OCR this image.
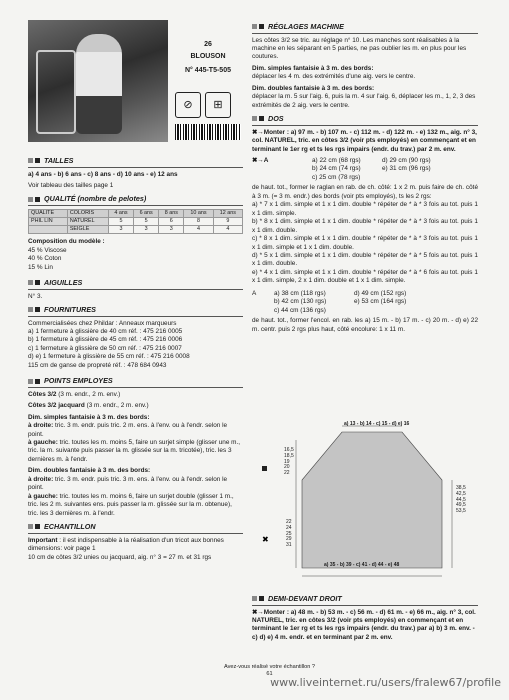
26
BLOUSON
N° 445-T5-505
⊘	⊞
TAILLES

a) 4 ans - b) 6 ans - c) 8 ans - d) 10 ans - e) 12 ans

Voir tableau des tailles page 1

QUALITÉ (nombre de pelotes)
QUALITE	COLORIS	4 ans	6 ans	8 ans	10 ans	12 ans
PHIL LIN	NATUREL	5	5	6	8	9
	SEIGLE	3	3	3	4	4

Composition du modèle :

45 % Viscose
40 % Coton
15 % Lin
AIGUILLES

N° 3.

FOURNITURES
Commercialisées chez Phildar : Anneaux marqueurs
a) 1 fermeture à glissière de 40 cm réf. : 475 216 0005
b) 1 fermeture à glissière de 45 cm réf. : 475 216 0006
c) 1 fermeture à glissière de 50 cm réf. : 475 216 0007
d) e) 1 fermeture à glissière de 55 cm réf. : 475 216 0008
115 cm de ganse de propreté réf. : 478 684 0943
POINTS EMPLOYES

Côtes 3/2 (3 m. endr., 2 m. env.)

Côtes 3/2 jacquard (3 m. endr., 2 m. env.)

Dim. simples fantaisie à 3 m. des bords:

à droite: tric. 3 m. endr. puis tric. 2 m. ens. à l'env. ou à l'endr. selon le point.

à gauche: tric. toutes les m. moins 5, faire un surjet simple (glisser une m., tric. la m. suivante puis passer la m. glissée sur la m. tricotée), tric. les 3 dernières m. à l'endr.

Dim. doubles fantaisie à 3 m. des bords:

à droite: tric. 3 m. endr. puis tric. 3 m. ens. à l'env. ou à l'endr. selon le point.

à gauche: tric. toutes les m. moins 6, faire un surjet double (glisser 1 m., tric. les 2 m. suivantes ens. puis passer la m. glissée sur la m. obtenue), tric. les 3 dernières m. à l'endr.

ECHANTILLON

Important : il est indispensable à la réalisation d'un tricot aux bonnes dimensions: voir page 1

10 cm de côtes 3/2 unies ou jacquard, aig. n° 3 = 27 m. et 31 rgs

RÉGLAGES MACHINE

Les côtes 3/2 se tric. au réglage n° 10. Les manches sont réalisables à la machine en les séparant en 5 parties, ne pas oublier les m. en plus pour les coutures.

Dim. simples fantaisie à 3 m. des bords:

déplacer les 4 m. des extrémités d'une aig. vers le centre.

Dim. doubles fantaisie à 3 m. des bords:

déplacer la m. 5 sur l'aig. 6, puis la m. 4 sur l'aig. 6, déplacer les m., 1, 2, 3 des extrémités de 2 aig. vers le centre.

DOS

✖→Monter : a) 97 m. - b) 107 m. - c) 112 m. - d) 122 m. - e) 132 m., aig. n° 3, col. NATUREL, tric. en côtes 3/2 (voir pts employés) en commençant et en terminant le 1er rg et ts les rgs impairs (endr. du trav.) par 2 m. env.

✖→A	a) 22 cm (68 rgs)	d) 29 cm (90 rgs)
b) 24 cm (74 rgs)	e) 31 cm (96 rgs)
c) 25 cm (78 rgs)
de haut. tot., former le raglan en rab. de ch. côté: 1 x 2 m. puis faire de ch. côté à 3 m. (= 3 m. endr.) des bords (voir pts employés), ts les 2 rgs:
a) * 7 x 1 dim. simple et 1 x 1 dim. double * répéter de * à * 3 fois au tot. puis 1 x 1 dim. simple.
b) * 8 x 1 dim. simple et 1 x 1 dim. double * répéter de * à * 3 fois au tot. puis 1 x 1 dim. double.
c) * 8 x 1 dim. simple et 1 x 1 dim. double * répéter de * à * 3 fois au tot. puis 1 x 1 dim. simple et 1 x 1 dim. double.
d) * 5 x 1 dim. simple et 1 x 1 dim. double * répéter de * à * 5 fois au tot. puis 1 x 1 dim. double.
e) * 4 x 1 dim. simple et 1 x 1 dim. double * répéter de * à * 6 fois au tot. puis 1 x 1 dim. simple, 2 x 1 dim. double et 1 x 1 dim. simple.
A	a) 38 cm (118 rgs)	d) 49 cm (152 rgs)
b) 42 cm (130 rgs)	e) 53 cm (164 rgs)
c) 44 cm (136 rgs)

de haut. tot., former l'encol. en rab. les a) 15 m. - b) 17 m. - c) 20 m. - d) e) 22 m. centr. puis 2 rgs plus haut, côté encolure: 1 x 11 m.

✖
a) 13 - b) 14 - c) 15 - d) e) 16
16,5
18,5
19
20
22
22
24
25
29
31
38,5
42,5
44,5
49,5
53,5
a) 35 - b) 39 - c) 41 - d) 44 - e) 48
DEMI-DEVANT DROIT

✖→Monter : a) 48 m. - b) 53 m. - c) 56 m. - d) 61 m. - e) 66 m., aig. n° 3, col. NATUREL, tric. en côtes 3/2 (voir pts employés) en commençant et en terminant le 1er rg et ts les rgs impairs (endr. du trav.) par a) b) 3 m. env. - c) d) e) 4 m. endr. et en terminant par 2 m. env.

Avez-vous réalisé votre échantillon ?
61
www.liveinternet.ru/users/fralew67/profile
